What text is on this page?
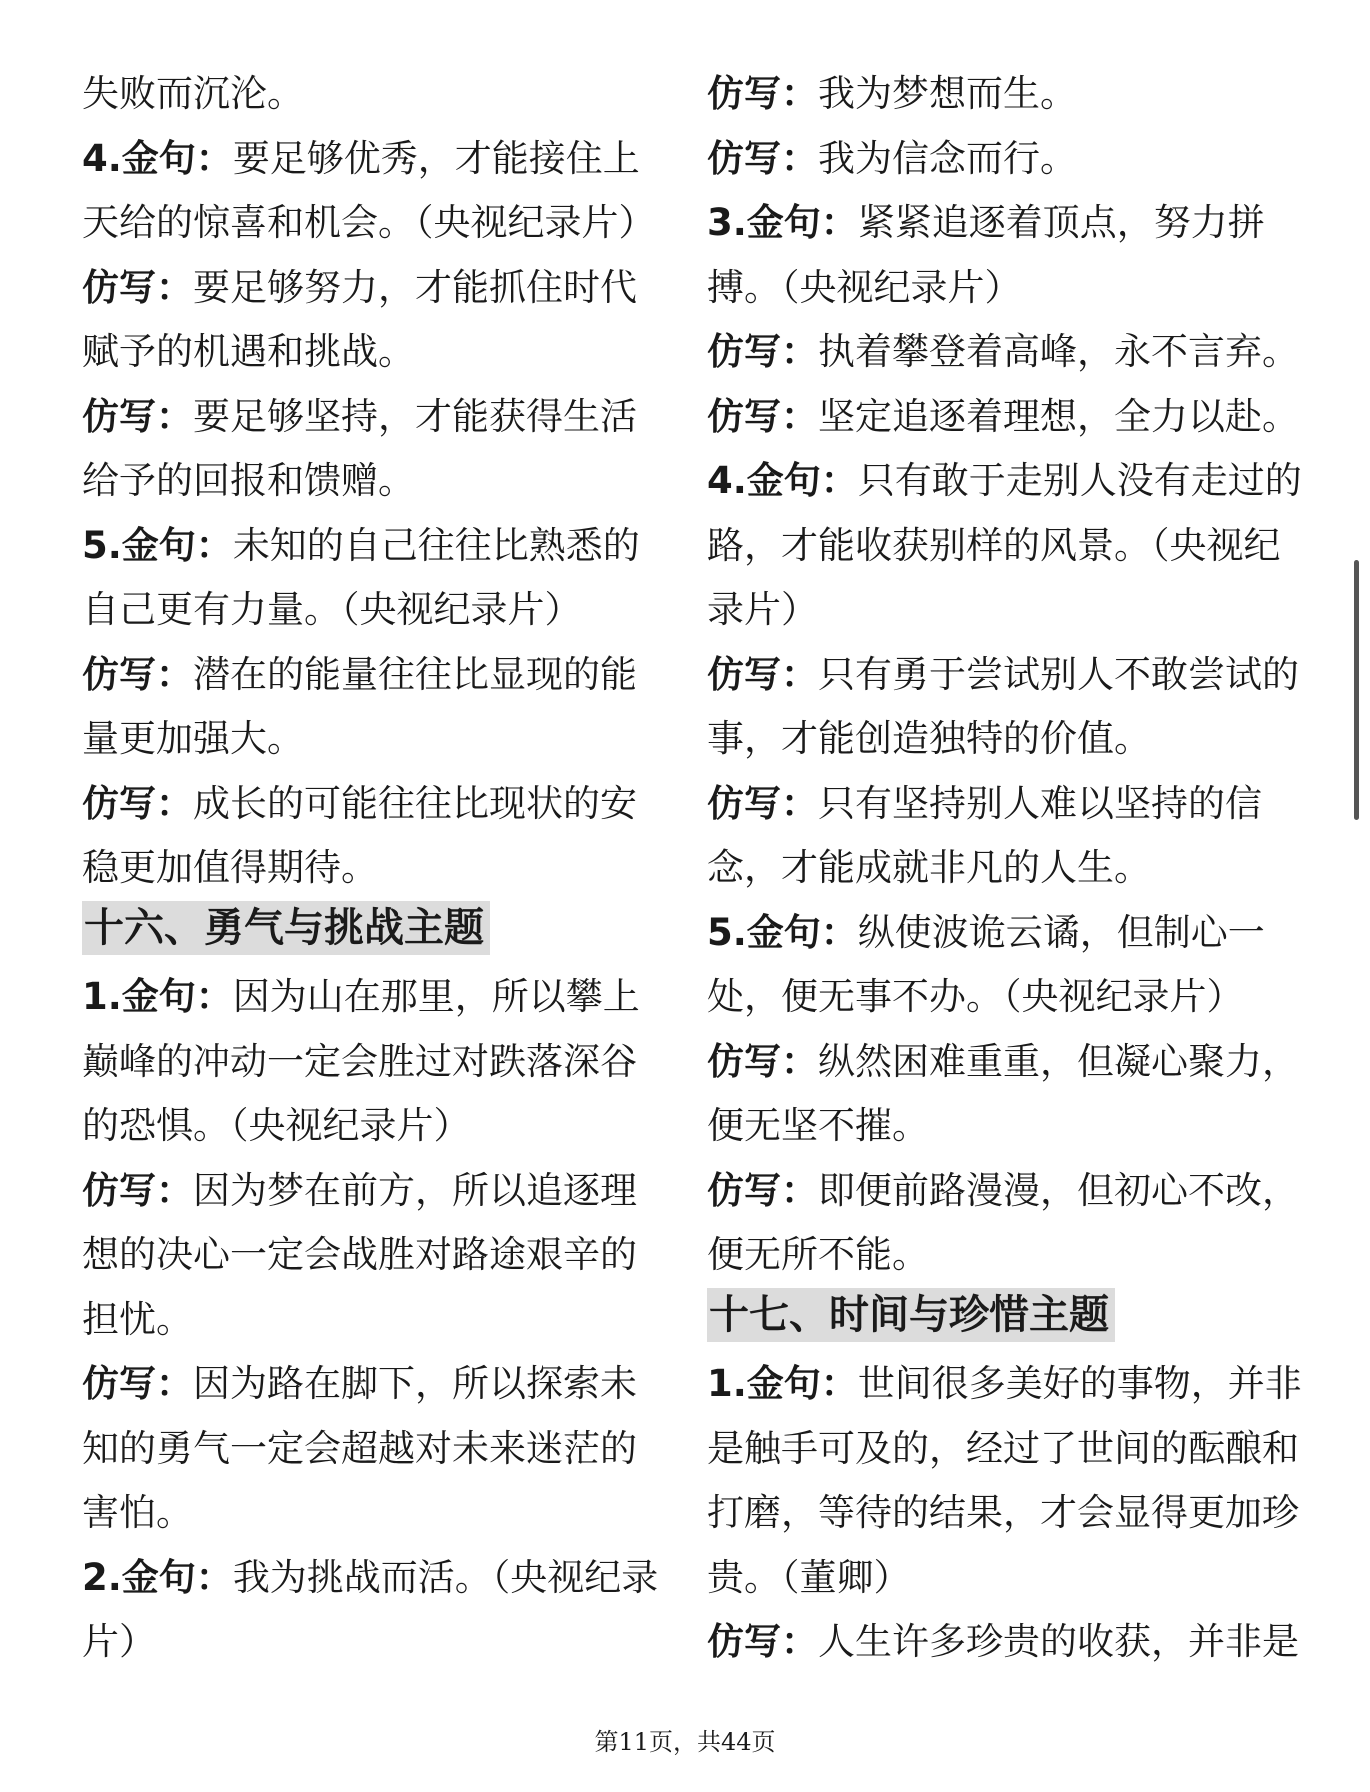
失败而沉沦。

4.金句：要足够优秀，才能接住上天给的惊喜和机会。（央视纪录片）

仿写：要足够努力，才能抓住时代赋予的机遇和挑战。

仿写：要足够坚持，才能获得生活给予的回报和馈赠。

5.金句：未知的自己往往比熟悉的自己更有力量。（央视纪录片）

仿写：潜在的能量往往比显现的能量更加强大。

仿写：成长的可能往往比现状的安稳更加值得期待。

十六、勇气与挑战主题

1.金句：因为山在那里，所以攀上巅峰的冲动一定会胜过对跌落深谷的恐惧。（央视纪录片）

仿写：因为梦在前方，所以追逐理想的决心一定会战胜对路途艰辛的担忧。

仿写：因为路在脚下，所以探索未知的勇气一定会超越对未来迷茫的害怕。

2.金句：我为挑战而活。（央视纪录片）

仿写：我为梦想而生。

仿写：我为信念而行。

3.金句：紧紧追逐着顶点，努力拼搏。（央视纪录片）

仿写：执着攀登着高峰，永不言弃。

仿写：坚定追逐着理想，全力以赴。

4.金句：只有敢于走别人没有走过的路，才能收获别样的风景。（央视纪录片）

仿写：只有勇于尝试别人不敢尝试的事，才能创造独特的价值。

仿写：只有坚持别人难以坚持的信念，才能成就非凡的人生。

5.金句：纵使波诡云谲，但制心一处，便无事不办。（央视纪录片）

仿写：纵然困难重重，但凝心聚力，便无坚不摧。

仿写：即便前路漫漫，但初心不改，便无所不能。

十七、时间与珍惜主题

1.金句：世间很多美好的事物，并非是触手可及的，经过了世间的酝酿和打磨，等待的结果，才会显得更加珍贵。（董卿）

仿写：人生许多珍贵的收获，并非是

第11页，共44页
